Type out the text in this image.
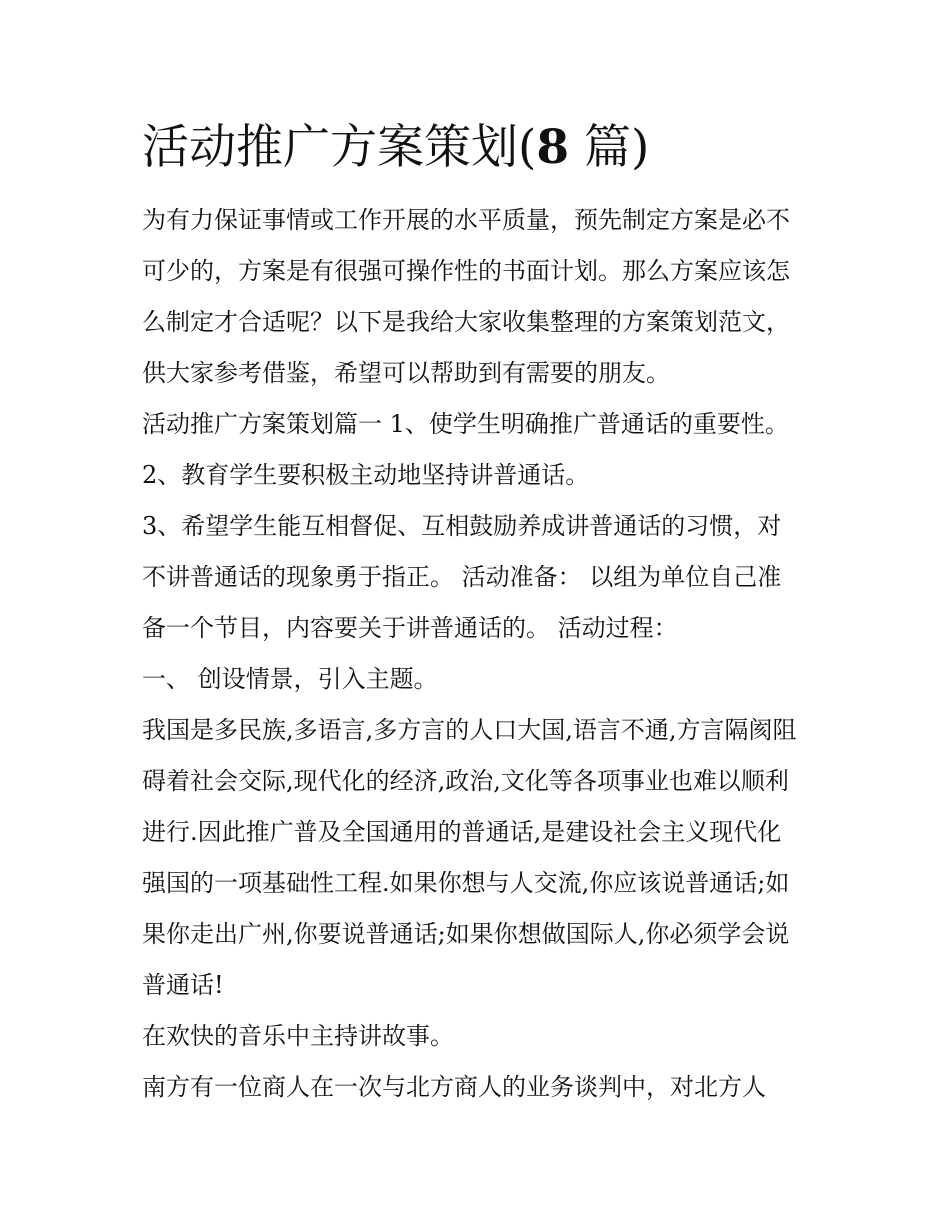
活动推广方案策划(8 篇)

为有力保证事情或工作开展的水平质量，预先制定方案是必不

可少的，方案是有很强可操作性的书面计划。那么方案应该怎

么制定才合适呢？以下是我给大家收集整理的方案策划范文，

供大家参考借鉴，希望可以帮助到有需要的朋友。

活动推广方案策划篇一 1、使学生明确推广普通话的重要性。

2、教育学生要积极主动地坚持讲普通话。

3、希望学生能互相督促、互相鼓励养成讲普通话的习惯，对

不讲普通话的现象勇于指正。 活动准备： 以组为单位自己准

备一个节目，内容要关于讲普通话的。 活动过程：

一、 创设情景，引入主题。

我国是多民族,多语言,多方言的人口大国,语言不通,方言隔阂阻

碍着社会交际,现代化的经济,政治,文化等各项事业也难以顺利

进行.因此推广普及全国通用的普通话,是建设社会主义现代化

强国的一项基础性工程.如果你想与人交流,你应该说普通话;如

果你走出广州,你要说普通话;如果你想做国际人,你必须学会说

普通话!

在欢快的音乐中主持讲故事。

南方有一位商人在一次与北方商人的业务谈判中，对北方人
